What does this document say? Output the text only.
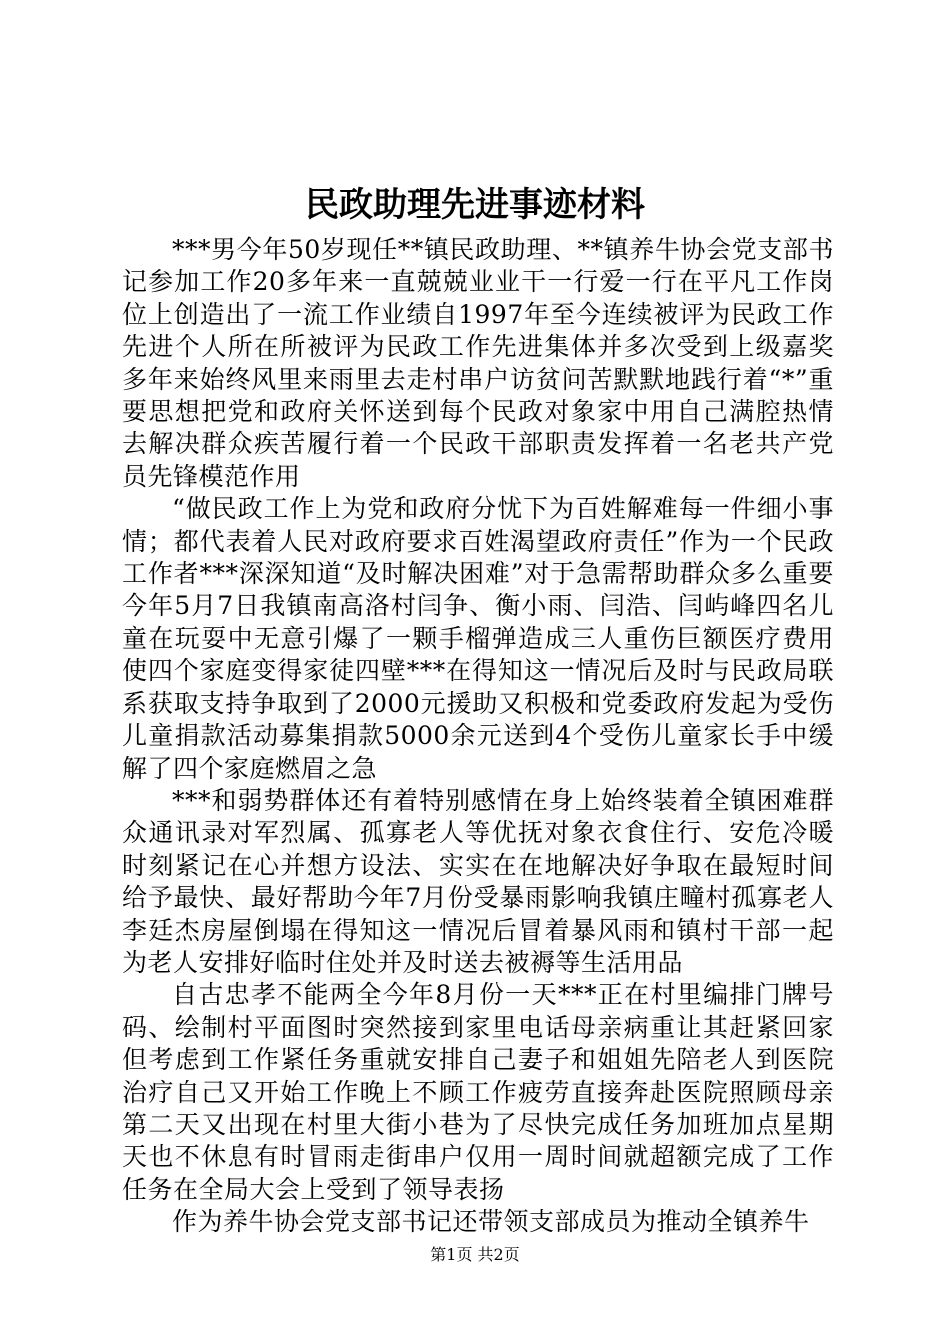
民政助理先进事迹材料

***男今年50岁现任**镇民政助理、**镇养牛协会党支部书记参加工作20多年来一直兢兢业业干一行爱一行在平凡工作岗位上创造出了一流工作业绩自1997年至今连续被评为民政工作先进个人所在所被评为民政工作先进集体并多次受到上级嘉奖多年来始终风里来雨里去走村串户访贫问苦默默地践行着“*”重要思想把党和政府关怀送到每个民政对象家中用自己满腔热情去解决群众疾苦履行着一个民政干部职责发挥着一名老共产党员先锋模范作用

“做民政工作上为党和政府分忧下为百姓解难每一件细小事情；都代表着人民对政府要求百姓渴望政府责任”作为一个民政工作者***深深知道“及时解决困难”对于急需帮助群众多么重要今年5月7日我镇南高洛村闫争、衡小雨、闫浩、闫屿峰四名儿童在玩耍中无意引爆了一颗手榴弹造成三人重伤巨额医疗费用使四个家庭变得家徒四壁***在得知这一情况后及时与民政局联系获取支持争取到了2000元援助又积极和党委政府发起为受伤儿童捐款活动募集捐款5000余元送到4个受伤儿童家长手中缓解了四个家庭燃眉之急

***和弱势群体还有着特别感情在身上始终装着全镇困难群众通讯录对军烈属、孤寡老人等优抚对象衣食住行、安危冷暖时刻紧记在心并想方设法、实实在在地解决好争取在最短时间给予最快、最好帮助今年7月份受暴雨影响我镇庄疃村孤寡老人李廷杰房屋倒塌在得知这一情况后冒着暴风雨和镇村干部一起为老人安排好临时住处并及时送去被褥等生活用品

自古忠孝不能两全今年8月份一天***正在村里编排门牌号码、绘制村平面图时突然接到家里电话母亲病重让其赶紧回家但考虑到工作紧任务重就安排自己妻子和姐姐先陪老人到医院治疗自己又开始工作晚上不顾工作疲劳直接奔赴医院照顾母亲第二天又出现在村里大街小巷为了尽快完成任务加班加点星期天也不休息有时冒雨走街串户仅用一周时间就超额完成了工作任务在全局大会上受到了领导表扬

作为养牛协会党支部书记还带领支部成员为推动全镇养牛

第1页 共2页
